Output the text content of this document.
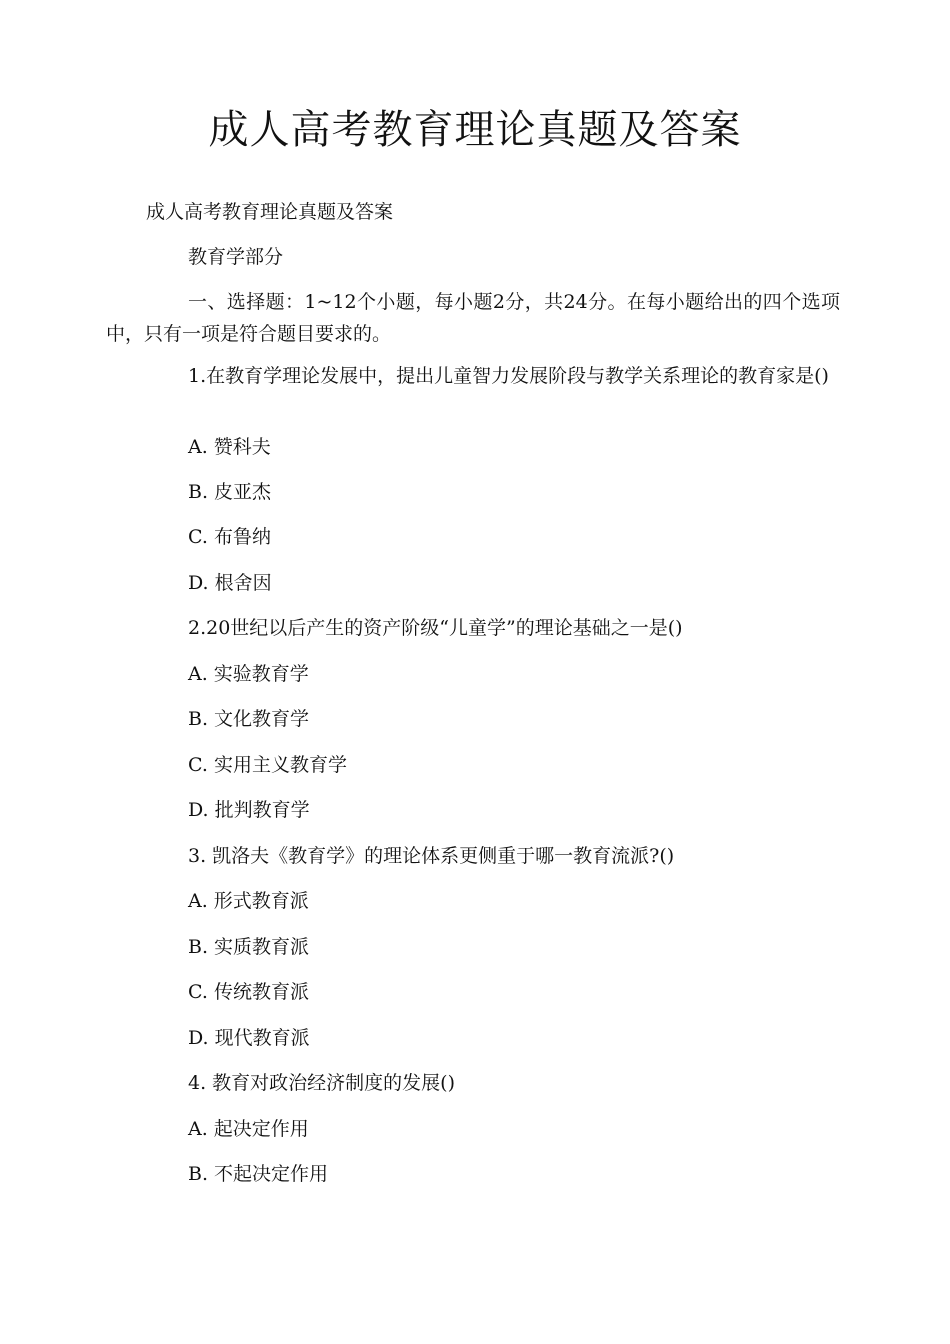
成人高考教育理论真题及答案

成人高考教育理论真题及答案

教育学部分

一、选择题：1~12个小题，每小题2分，共24分。在每小题给出的四个选项中，只有一项是符合题目要求的。

1.在教育学理论发展中，提出儿童智力发展阶段与教学关系理论的教育家是()

A. 赞科夫

B. 皮亚杰

C. 布鲁纳

D. 根舍因

2.20世纪以后产生的资产阶级“儿童学”的理论基础之一是()

A. 实验教育学

B. 文化教育学

C. 实用主义教育学

D. 批判教育学

3. 凯洛夫《教育学》的理论体系更侧重于哪一教育流派?()

A. 形式教育派

B. 实质教育派

C. 传统教育派

D. 现代教育派

4. 教育对政治经济制度的发展()

A. 起决定作用

B. 不起决定作用
